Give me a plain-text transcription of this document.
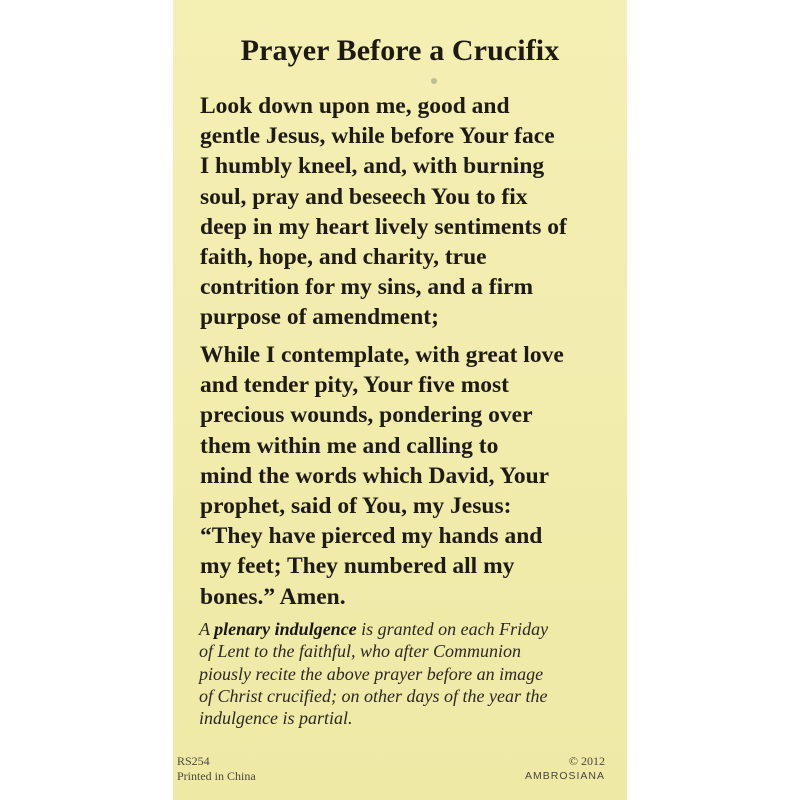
Prayer Before a Crucifix
Look down upon me, good and
gentle Jesus, while before Your face
I humbly kneel, and, with burning
soul, pray and beseech You to fix
deep in my heart lively sentiments of
faith, hope, and charity, true
contrition for my sins, and a firm
purpose of amendment;
While I contemplate, with great love
and tender pity, Your five most
precious wounds, pondering over
them within me and calling to
mind the words which David, Your
prophet, said of You, my Jesus:
“They have pierced my hands and
my feet; They numbered all my
bones.” Amen.
A plenary indulgence is granted on each Friday
of Lent to the faithful, who after Communion
piously recite the above prayer before an image
of Christ crucified; on other days of the year the
indulgence is partial.
RS254
Printed in China
© 2012
AMBROSIANA
